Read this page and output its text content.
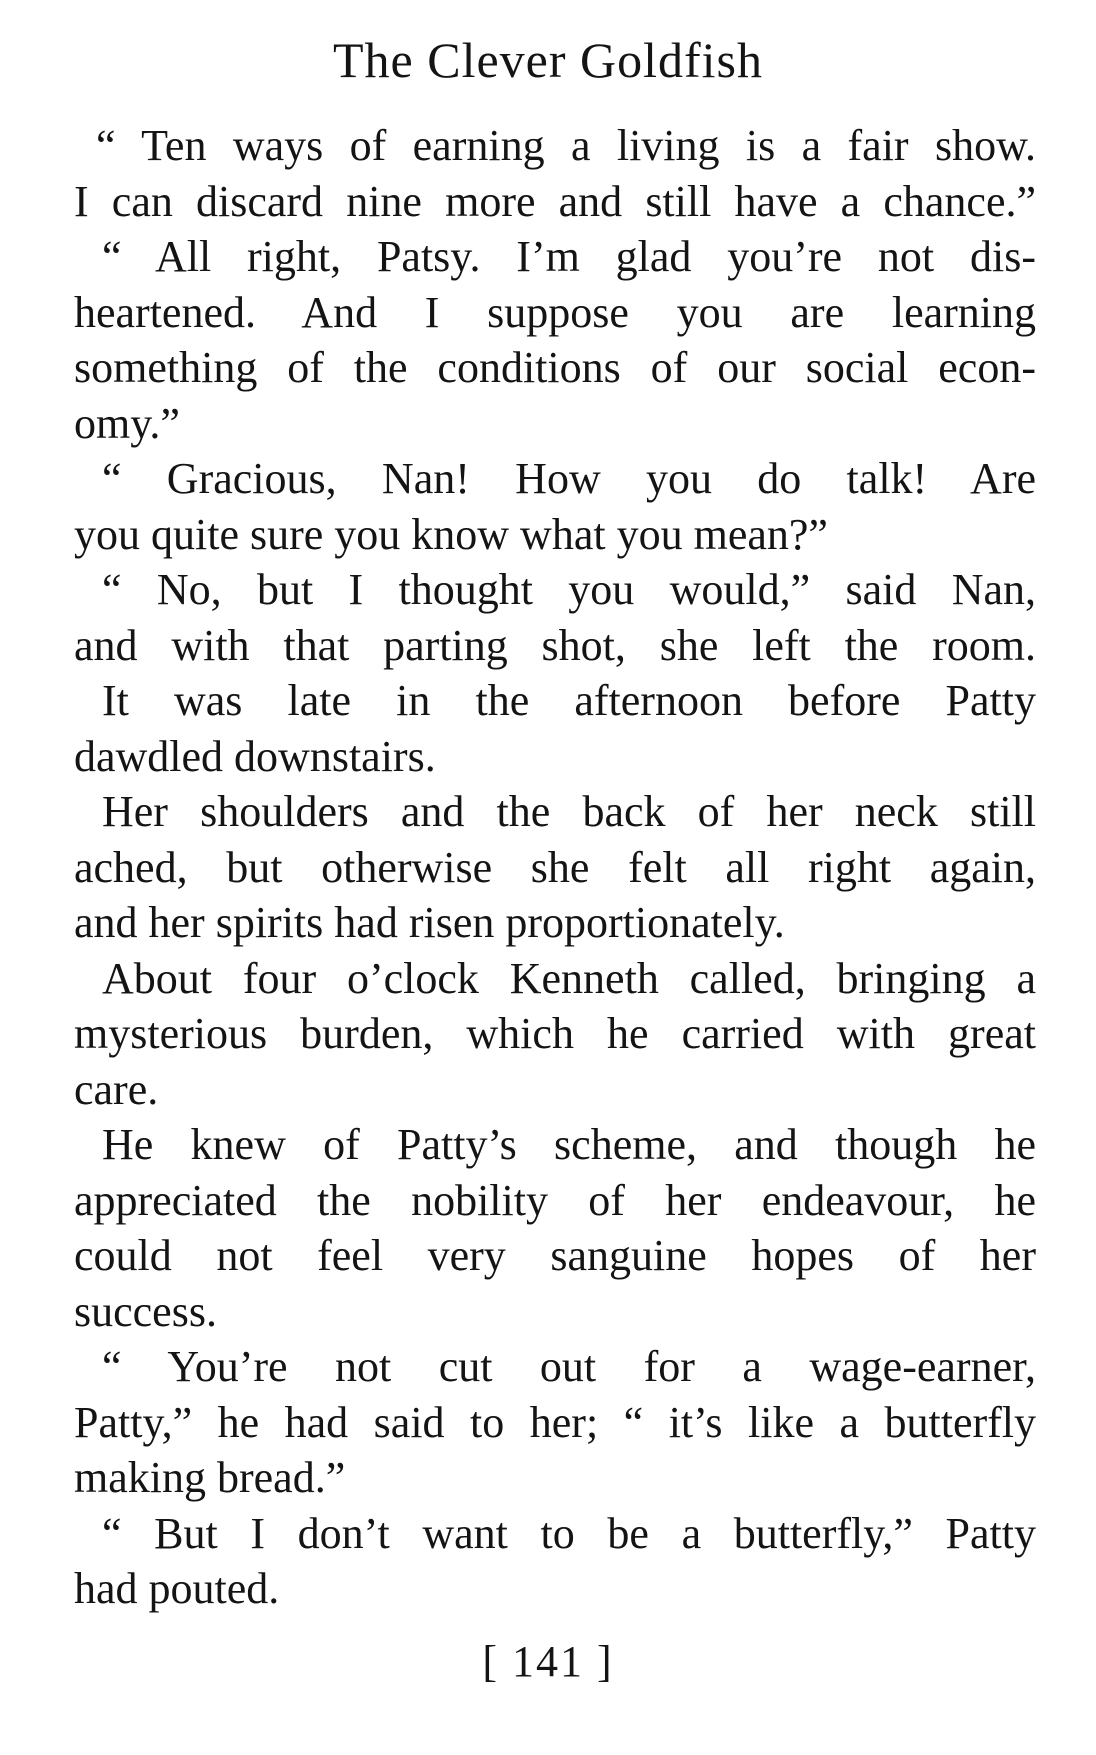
The Clever Goldfish
“ Ten ways of earning a living is a fair show.
I can discard nine more and still have a chance.”
“ All right, Patsy. I’m glad you’re not dis-
heartened. And I suppose you are learning
something of the conditions of our social econ-
omy.”
“ Gracious, Nan! How you do talk! Are
you quite sure you know what you mean?”
“ No, but I thought you would,” said Nan,
and with that parting shot, she left the room.
It was late in the afternoon before Patty
dawdled downstairs.
Her shoulders and the back of her neck still
ached, but otherwise she felt all right again,
and her spirits had risen proportionately.
About four o’clock Kenneth called, bringing a
mysterious burden, which he carried with great
care.
He knew of Patty’s scheme, and though he
appreciated the nobility of her endeavour, he
could not feel very sanguine hopes of her
success.
“ You’re not cut out for a wage-earner,
Patty,” he had said to her; “ it’s like a butterfly
making bread.”
“ But I don’t want to be a butterfly,” Patty
had pouted.
[ 141 ]
